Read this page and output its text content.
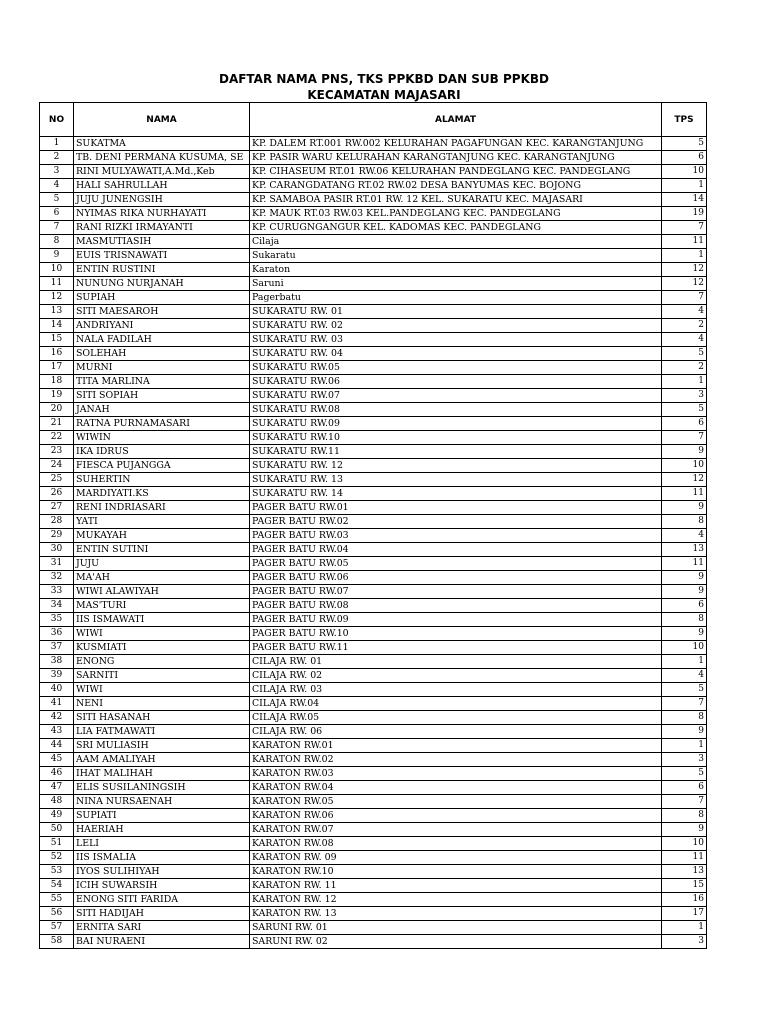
DAFTAR NAMA PNS, TKS PPKBD DAN SUB PPKBD
KECAMATAN MAJASARI
NO	NAMA	ALAMAT	TPS
1	SUKATMA	KP. DALEM RT.001 RW.002 KELURAHAN PAGAFUNGAN KEC. KARANGTANJUNG	5
2	TB. DENI PERMANA KUSUMA, SE	KP. PASIR WARU KELURAHAN KARANGTANJUNG KEC. KARANGTANJUNG	6
3	RINI MULYAWATI,A.Md.,Keb	KP. CIHASEUM RT.01 RW.06 KELURAHAN PANDEGLANG KEC. PANDEGLANG	10
4	HALI SAHRULLAH	KP. CARANGDATANG RT.02 RW.02 DESA BANYUMAS KEC. BOJONG	1
5	JUJU JUNENGSIH	KP. SAMABOA PASIR RT.01 RW. 12 KEL. SUKARATU KEC. MAJASARI	14
6	NYIMAS RIKA NURHAYATI	KP. MAUK RT.03 RW.03 KEL.PANDEGLANG KEC. PANDEGLANG	19
7	RANI RIZKI IRMAYANTI	KP. CURUGNGANGUR KEL. KADOMAS KEC. PANDEGLANG	7
8	MASMUTIASIH	Cilaja	11
9	EUIS TRISNAWATI	Sukaratu	1
10	ENTIN RUSTINI	Karaton	12
11	NUNUNG NURJANAH	Saruni	12
12	SUPIAH	Pagerbatu	7
13	SITI MAESAROH	SUKARATU RW. 01	4
14	ANDRIYANI	SUKARATU RW. 02	2
15	NALA FADILAH	SUKARATU RW. 03	4
16	SOLEHAH	SUKARATU RW. 04	5
17	MURNI	SUKARATU RW.05	2
18	TITA MARLINA	SUKARATU RW.06	1
19	SITI SOPIAH	SUKARATU RW.07	3
20	JANAH	SUKARATU RW.08	5
21	RATNA PURNAMASARI	SUKARATU RW.09	6
22	WIWIN	SUKARATU RW.10	7
23	IKA IDRUS	SUKARATU RW.11	9
24	FIESCA PUJANGGA	SUKARATU RW. 12	10
25	SUHERTIN	SUKARATU RW. 13	12
26	MARDIYATI.KS	SUKARATU RW. 14	11
27	RENI INDRIASARI	PAGER BATU RW.01	9
28	YATI	PAGER BATU RW.02	8
29	MUKAYAH	PAGER BATU RW.03	4
30	ENTIN SUTINI	PAGER BATU RW.04	13
31	JUJU	PAGER BATU RW.05	11
32	MA'AH	PAGER BATU RW.06	9
33	WIWI ALAWIYAH	PAGER BATU RW.07	9
34	MAS'TURI	PAGER BATU RW.08	6
35	IIS ISMAWATI	PAGER BATU RW.09	8
36	WIWI	PAGER BATU RW.10	9
37	KUSMIATI	PAGER BATU RW.11	10
38	ENONG	CILAJA RW. 01	1
39	SARNITI	CILAJA RW. 02	4
40	WIWI	CILAJA RW. 03	5
41	NENI	CILAJA RW.04	7
42	SITI HASANAH	CILAJA RW.05	8
43	LIA FATMAWATI	CILAJA RW. 06	9
44	SRI MULIASIH	KARATON RW.01	1
45	AAM AMALIYAH	KARATON RW.02	3
46	IHAT MALIHAH	KARATON RW.03	5
47	ELIS SUSILANINGSIH	KARATON RW.04	6
48	NINA NURSAENAH	KARATON RW.05	7
49	SUPIATI	KARATON RW.06	8
50	HAERIAH	KARATON RW.07	9
51	LELI	KARATON RW.08	10
52	IIS ISMALIA	KARATON RW. 09	11
53	IYOS SULIHIYAH	KARATON RW.10	13
54	ICIH SUWARSIH	KARATON RW. 11	15
55	ENONG SITI FARIDA	KARATON RW. 12	16
56	SITI HADIJAH	KARATON RW. 13	17
57	ERNITA SARI	SARUNI RW. 01	1
58	BAI NURAENI	SARUNI RW. 02	3
